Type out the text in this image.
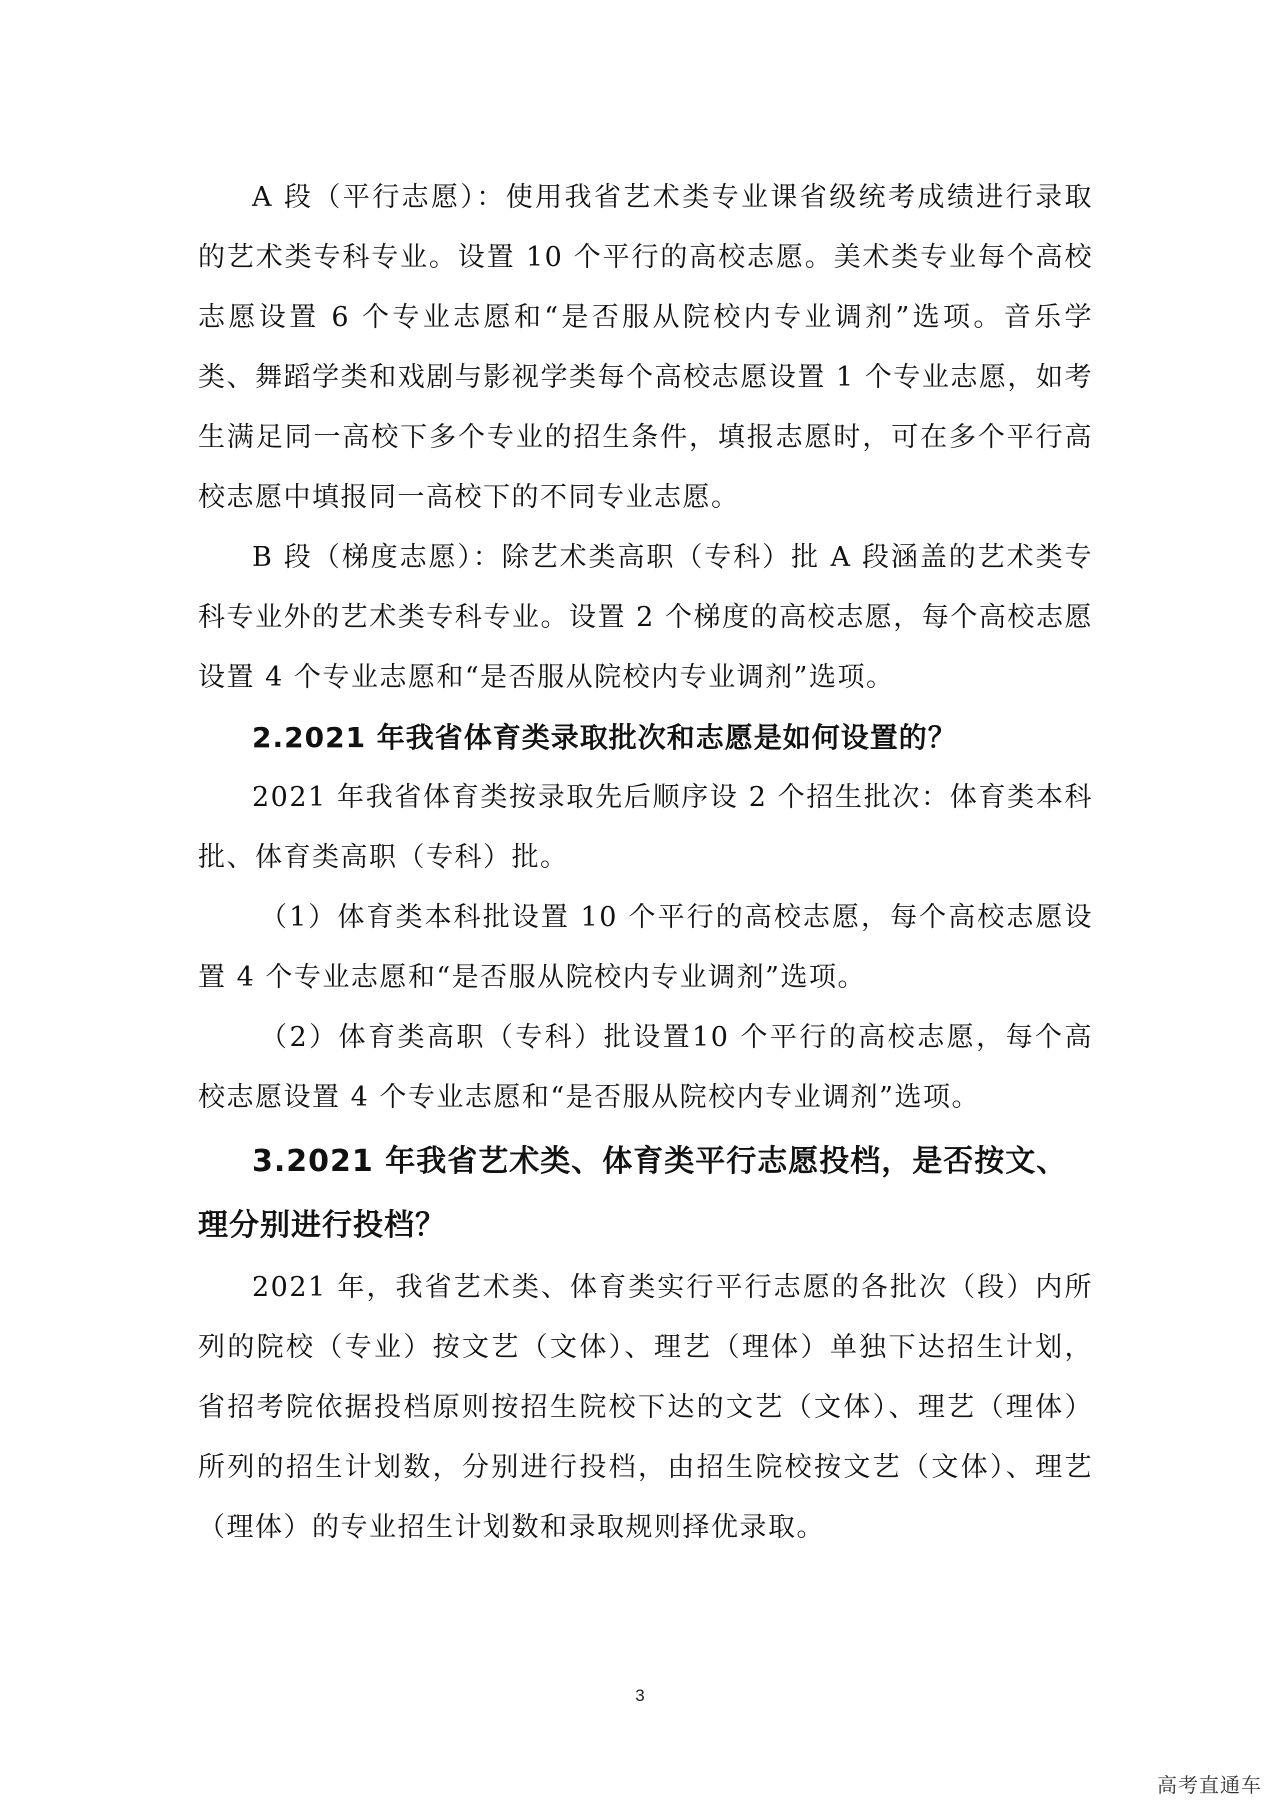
A 段（平行志愿）：使用我省艺术类专业课省级统考成绩进行录取的艺术类专科专业。设置 10 个平行的高校志愿。美术类专业每个高校志愿设置 6 个专业志愿和“是否服从院校内专业调剂”选项。音乐学类、舞蹈学类和戏剧与影视学类每个高校志愿设置 1 个专业志愿，如考生满足同一高校下多个专业的招生条件，填报志愿时，可在多个平行高校志愿中填报同一高校下的不同专业志愿。

B 段（梯度志愿）：除艺术类高职（专科）批 A 段涵盖的艺术类专科专业外的艺术类专科专业。设置 2 个梯度的高校志愿，每个高校志愿设置 4 个专业志愿和“是否服从院校内专业调剂”选项。

2.2021 年我省体育类录取批次和志愿是如何设置的？

2021 年我省体育类按录取先后顺序设 2 个招生批次：体育类本科批、体育类高职（专科）批。

（1）体育类本科批设置 10 个平行的高校志愿，每个高校志愿设置 4 个专业志愿和“是否服从院校内专业调剂”选项。

（2）体育类高职（专科）批设置10 个平行的高校志愿，每个高校志愿设置 4 个专业志愿和“是否服从院校内专业调剂”选项。

3.2021 年我省艺术类、体育类平行志愿投档，是否按文、理分别进行投档？

2021 年，我省艺术类、体育类实行平行志愿的各批次（段）内所列的院校（专业）按文艺（文体）、理艺（理体）单独下达招生计划，省招考院依据投档原则按招生院校下达的文艺（文体）、理艺（理体）所列的招生计划数，分别进行投档，由招生院校按文艺（文体）、理艺（理体）的专业招生计划数和录取规则择优录取。

3
高考直通车
